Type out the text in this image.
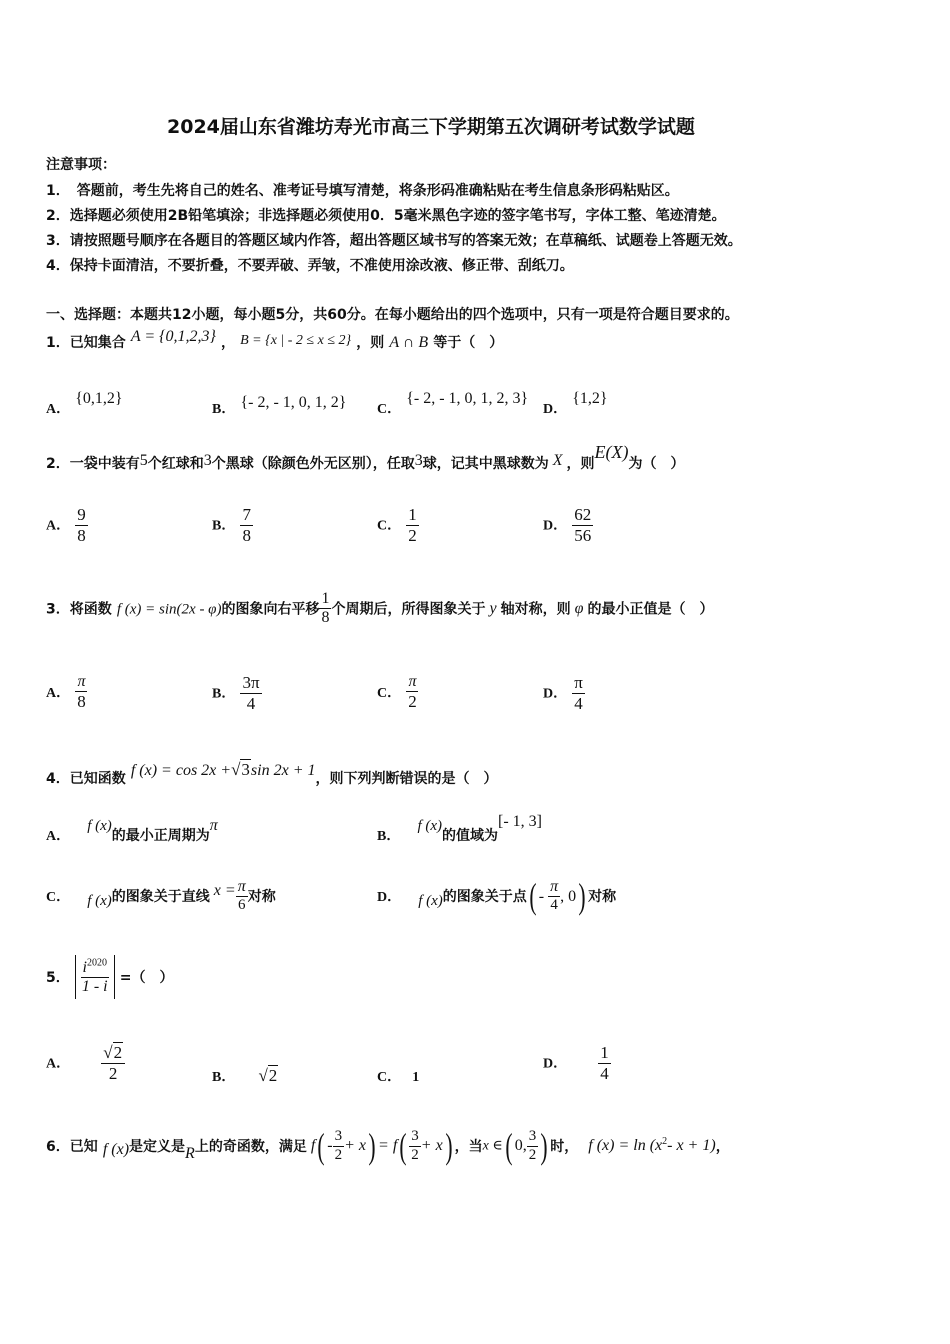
2024届山东省潍坊寿光市高三下学期第五次调研考试数学试题
注意事项：
1．　答题前，考生先将自己的姓名、准考证号填写清楚，将条形码准确粘贴在考生信息条形码粘贴区。
2．选择题必须使用2B铅笔填涂；非选择题必须使用0．5毫米黑色字迹的签字笔书写，字体工整、笔迹清楚。
3．请按照题号顺序在各题目的答题区域内作答，超出答题区域书写的答案无效；在草稿纸、试题卷上答题无效。
4．保持卡面清洁，不要折叠，不要弄破、弄皱，不准使用涂改液、修正带、刮纸刀。
一、选择题：本题共12小题，每小题5分，共60分。在每小题给出的四个选项中，只有一项是符合题目要求的。
1．已知集合 A = {0,1,2,3} ， B = {x | - 2 ≤ x ≤ 2} ，则 A ∩ B 等于（　）
A． {0,1,2}
B． {- 2, - 1, 0, 1, 2} C． {- 2, - 1, 0, 1, 2, 3}
D． {1,2}
2．一袋中装有5个红球和3个黑球（除颜色外无区别），任取3球，记其中黑球数为 X ，则E(X)为（　）
A． $\frac{9}{8}$	B． $\frac{7}{8}$	C． $\frac{1}{2}$	D． $\frac{62}{56}$
3．将函数 f (x) = sin(2x - φ)的图象向右平移 $\frac{1}{8}$ 个周期后，所得图象关于 y 轴对称，则 φ 的最小正值是（　）
A． $\frac{\pi}{8}$	B． $\frac{3\pi}{4}$	C． $\frac{\pi}{2}$	D． $\frac{\pi}{4}$
4．已知函数 f (x) = cos 2x +√3sin 2x + 1，则下列判断错误的是（　）
A． f (x)的最小正周期为π
B． f (x)的值域为[- 1, 3]
C． f (x)的图象关于直线 $x = \frac{\pi}{6}$ 对称	D． f (x)的图象关于点( - $\frac{\pi}{4}$ , 0) 对称
5． $\frac{i^{2020}}{1 - i}$ =（　）
A． $\frac{√2}{2}$	B． √2	C． 1
D． $\frac{1}{4}$
6．已知 f (x)是定义是R上的奇函数，满足 $f( - \frac{3}{2} + x) = f( \frac{3}{2} + x)$ ，当x ∈( 0, $\frac{3}{2}$ ) 时， f $(x) = \ln (x^2-$ x + 1)，
